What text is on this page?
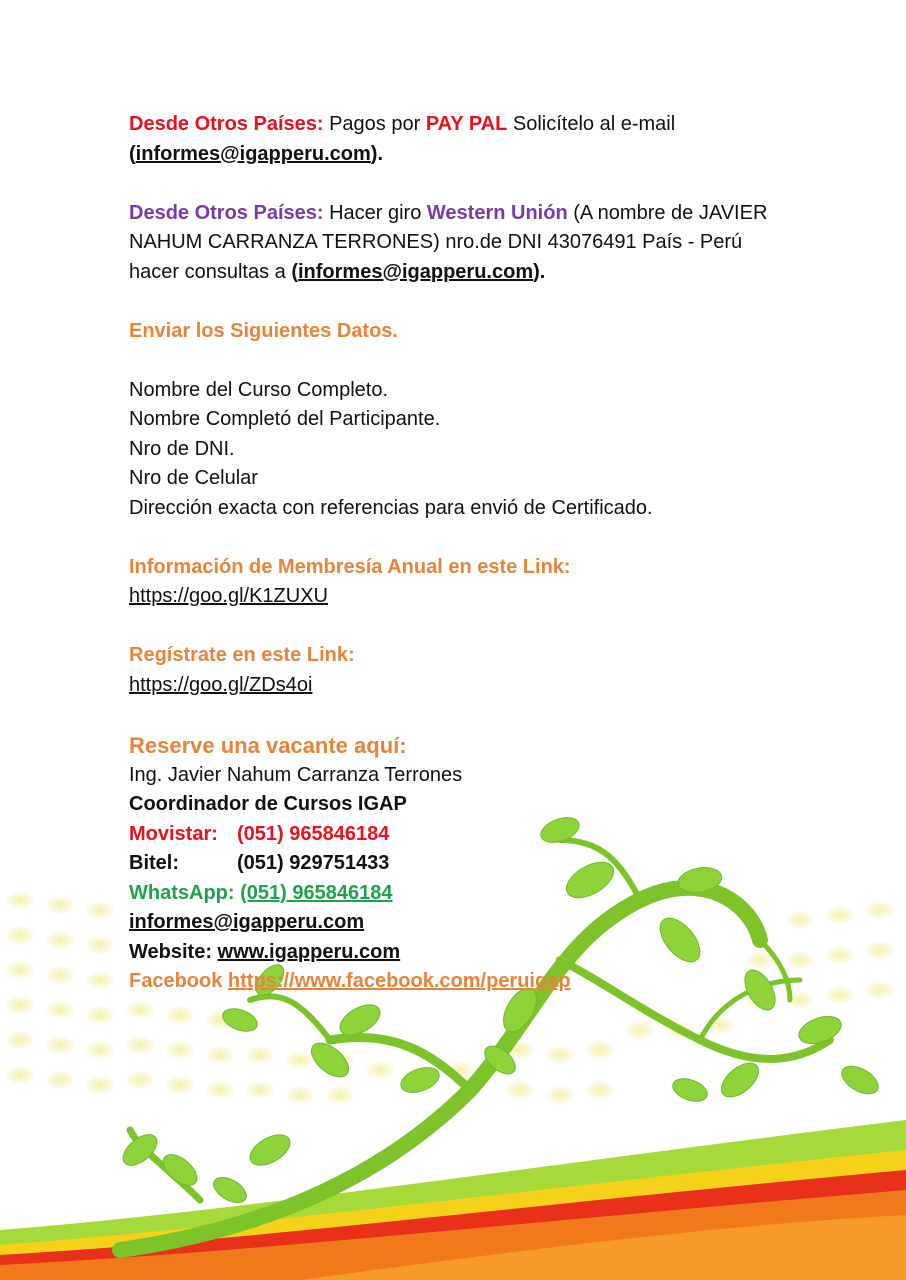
Desde Otros Países: Pagos por PAY PAL Solicítelo al e-mail
(informes@igapperu.com).

Desde Otros Países: Hacer giro Western Unión (A nombre de JAVIER
NAHUM CARRANZA TERRONES) nro.de DNI 43076491 País - Perú
hacer consultas a (informes@igapperu.com).

Enviar los Siguientes Datos.

Nombre del Curso Completo.

Nombre Completó del Participante.

Nro de DNI.

Nro de Celular

Dirección exacta con referencias para envió de Certificado.

Información de Membresía Anual en este Link:

https://goo.gl/K1ZUXU

Regístrate en este Link:

https://goo.gl/ZDs4oi

Reserve una vacante aquí:

Ing. Javier Nahum Carranza Terrones

Coordinador de Cursos IGAP

Movistar: (051) 965846184

Bitel:	(051) 929751433

WhatsApp: (051) 965846184

informes@igapperu.com

Website: www.igapperu.com

Facebook https://www.facebook.com/peruigap
